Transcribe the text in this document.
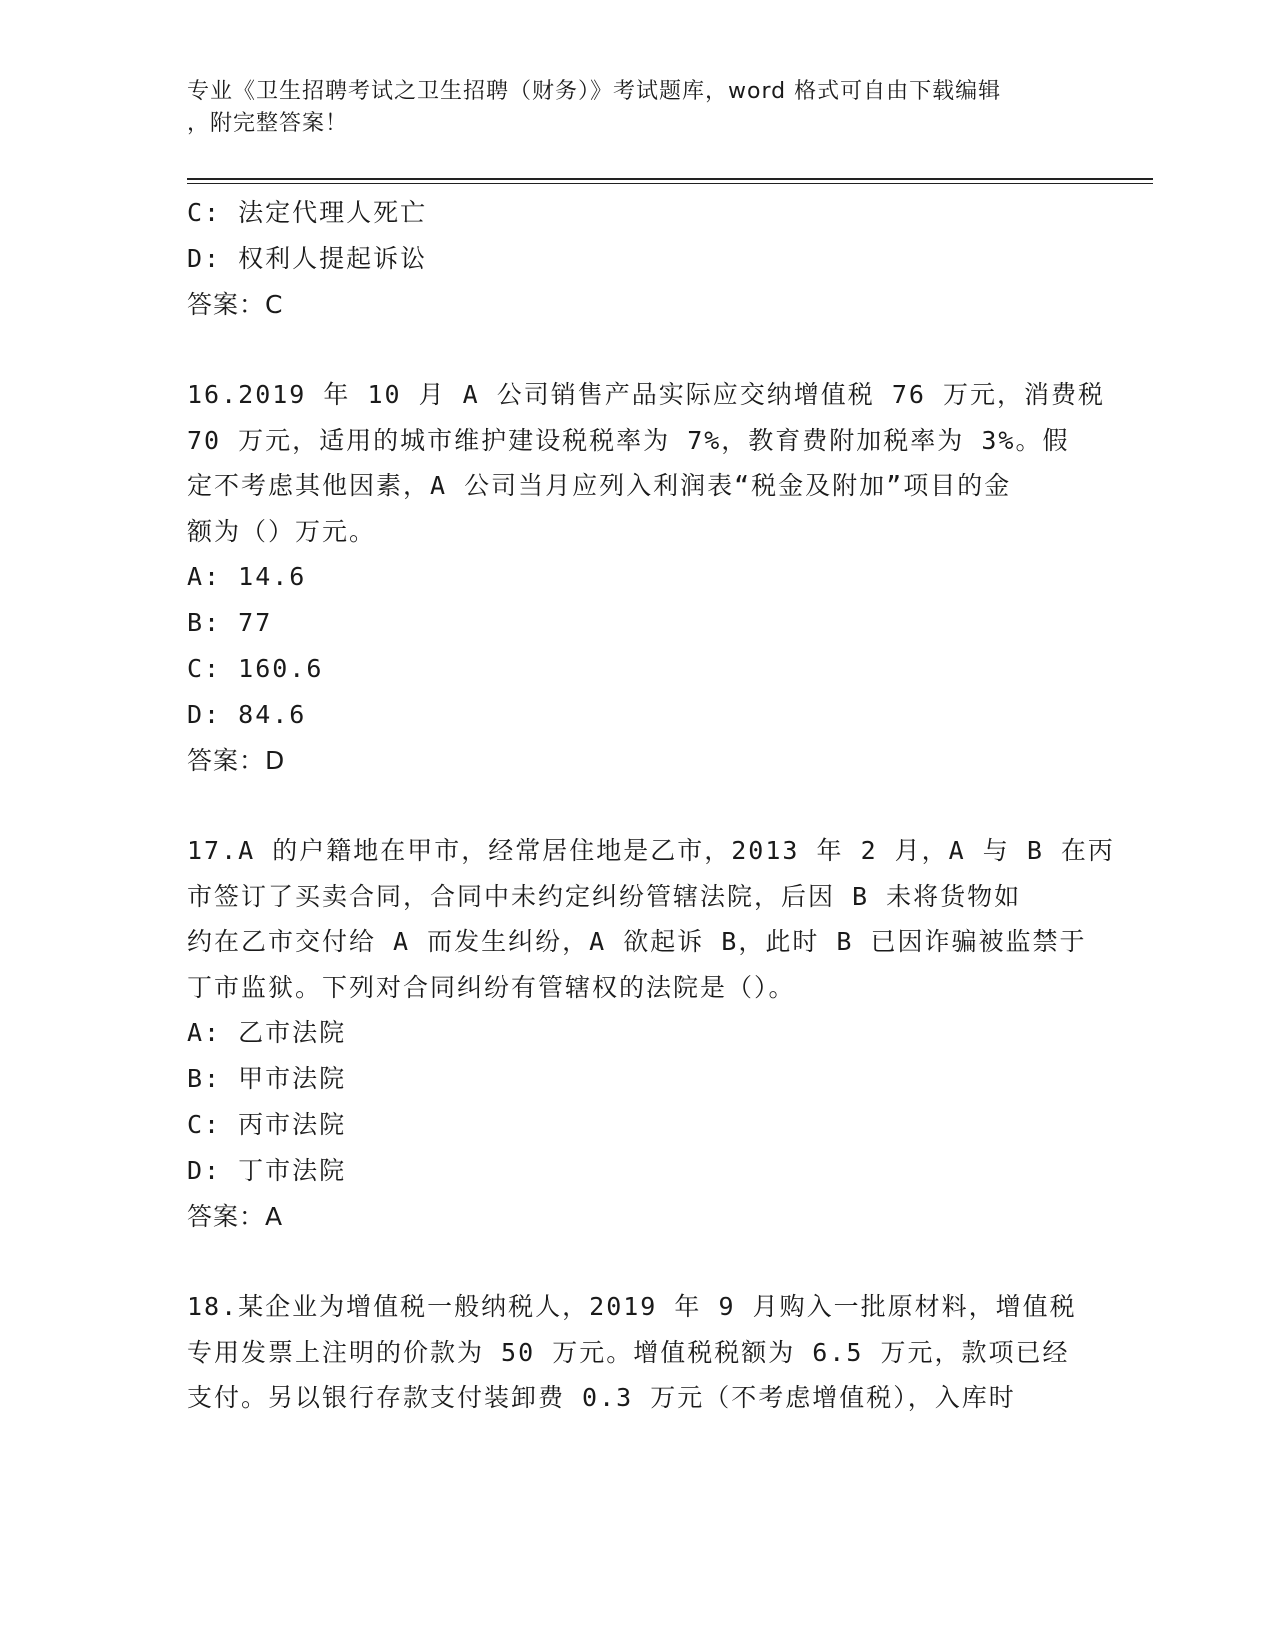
专业《卫生招聘考试之卫生招聘（财务）》考试题库，word 格式可自由下载编辑
，附完整答案！
C: 法定代理人死亡
D: 权利人提起诉讼
答案：C
16.2019 年 10 月 A 公司销售产品实际应交纳增值税 76 万元，消费税
70 万元，适用的城市维护建设税税率为 7%，教育费附加税率为 3%。假
定不考虑其他因素，A 公司当月应列入利润表“税金及附加”项目的金
额为（）万元。
A: 14.6
B: 77
C: 160.6
D: 84.6
答案：D
17.A 的户籍地在甲市，经常居住地是乙市，2013 年 2 月，A 与 B 在丙
市签订了买卖合同，合同中未约定纠纷管辖法院，后因 B 未将货物如
约在乙市交付给 A 而发生纠纷，A 欲起诉 B，此时 B 已因诈骗被监禁于
丁市监狱。下列对合同纠纷有管辖权的法院是（）。
A: 乙市法院
B: 甲市法院
C: 丙市法院
D: 丁市法院
答案：A
18.某企业为增值税一般纳税人，2019 年 9 月购入一批原材料，增值税
专用发票上注明的价款为 50 万元。增值税税额为 6.5 万元，款项已经
支付。另以银行存款支付装卸费 0.3 万元（不考虑增值税），入库时
